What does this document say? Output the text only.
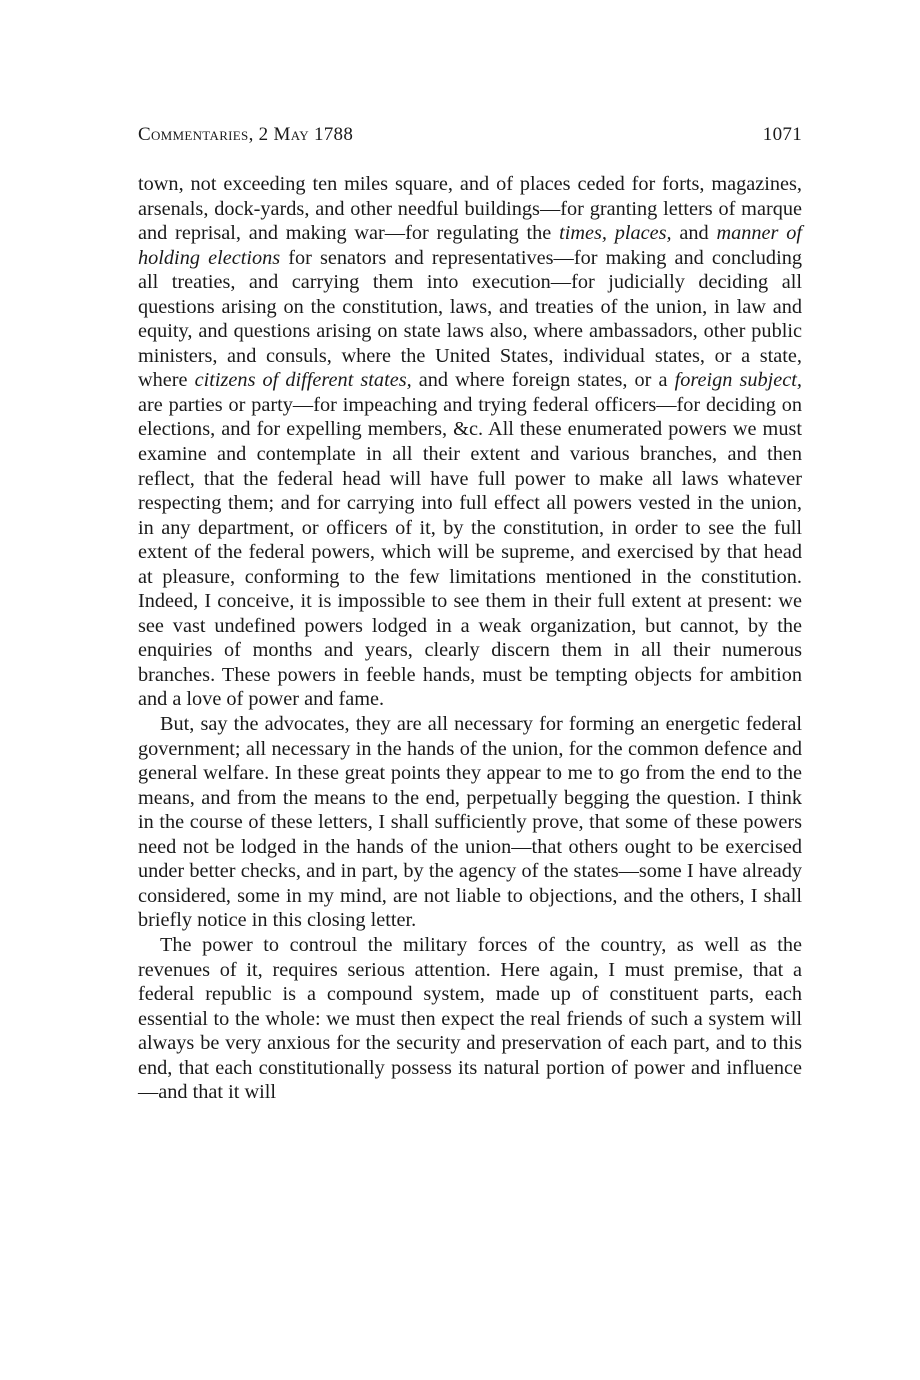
Commentaries, 2 May 1788	1071

town, not exceeding ten miles square, and of places ceded for forts, magazines, arsenals, dock-yards, and other needful buildings—for granting letters of marque and reprisal, and making war—for regulating the times, places, and manner of holding elections for senators and representatives—for making and concluding all treaties, and carrying them into execution—for judicially deciding all questions arising on the constitution, laws, and treaties of the union, in law and equity, and questions arising on state laws also, where ambassadors, other public ministers, and consuls, where the United States, individual states, or a state, where citizens of different states, and where foreign states, or a foreign subject, are parties or party—for impeaching and trying federal officers—for deciding on elections, and for expelling members, &c. All these enumerated powers we must examine and contemplate in all their extent and various branches, and then reflect, that the federal head will have full power to make all laws whatever respecting them; and for carrying into full effect all powers vested in the union, in any department, or officers of it, by the constitution, in order to see the full extent of the federal powers, which will be supreme, and exercised by that head at pleasure, conforming to the few limitations mentioned in the constitution. Indeed, I conceive, it is impossible to see them in their full extent at present: we see vast undefined powers lodged in a weak organization, but cannot, by the enquiries of months and years, clearly discern them in all their numerous branches. These powers in feeble hands, must be tempting objects for ambition and a love of power and fame.

But, say the advocates, they are all necessary for forming an energetic federal government; all necessary in the hands of the union, for the common defence and general welfare. In these great points they appear to me to go from the end to the means, and from the means to the end, perpetually begging the question. I think in the course of these letters, I shall sufficiently prove, that some of these powers need not be lodged in the hands of the union—that others ought to be exercised under better checks, and in part, by the agency of the states—some I have already considered, some in my mind, are not liable to objections, and the others, I shall briefly notice in this closing letter.

The power to controul the military forces of the country, as well as the revenues of it, requires serious attention. Here again, I must premise, that a federal republic is a compound system, made up of constituent parts, each essential to the whole: we must then expect the real friends of such a system will always be very anxious for the security and preservation of each part, and to this end, that each constitutionally possess its natural portion of power and influence—and that it will
